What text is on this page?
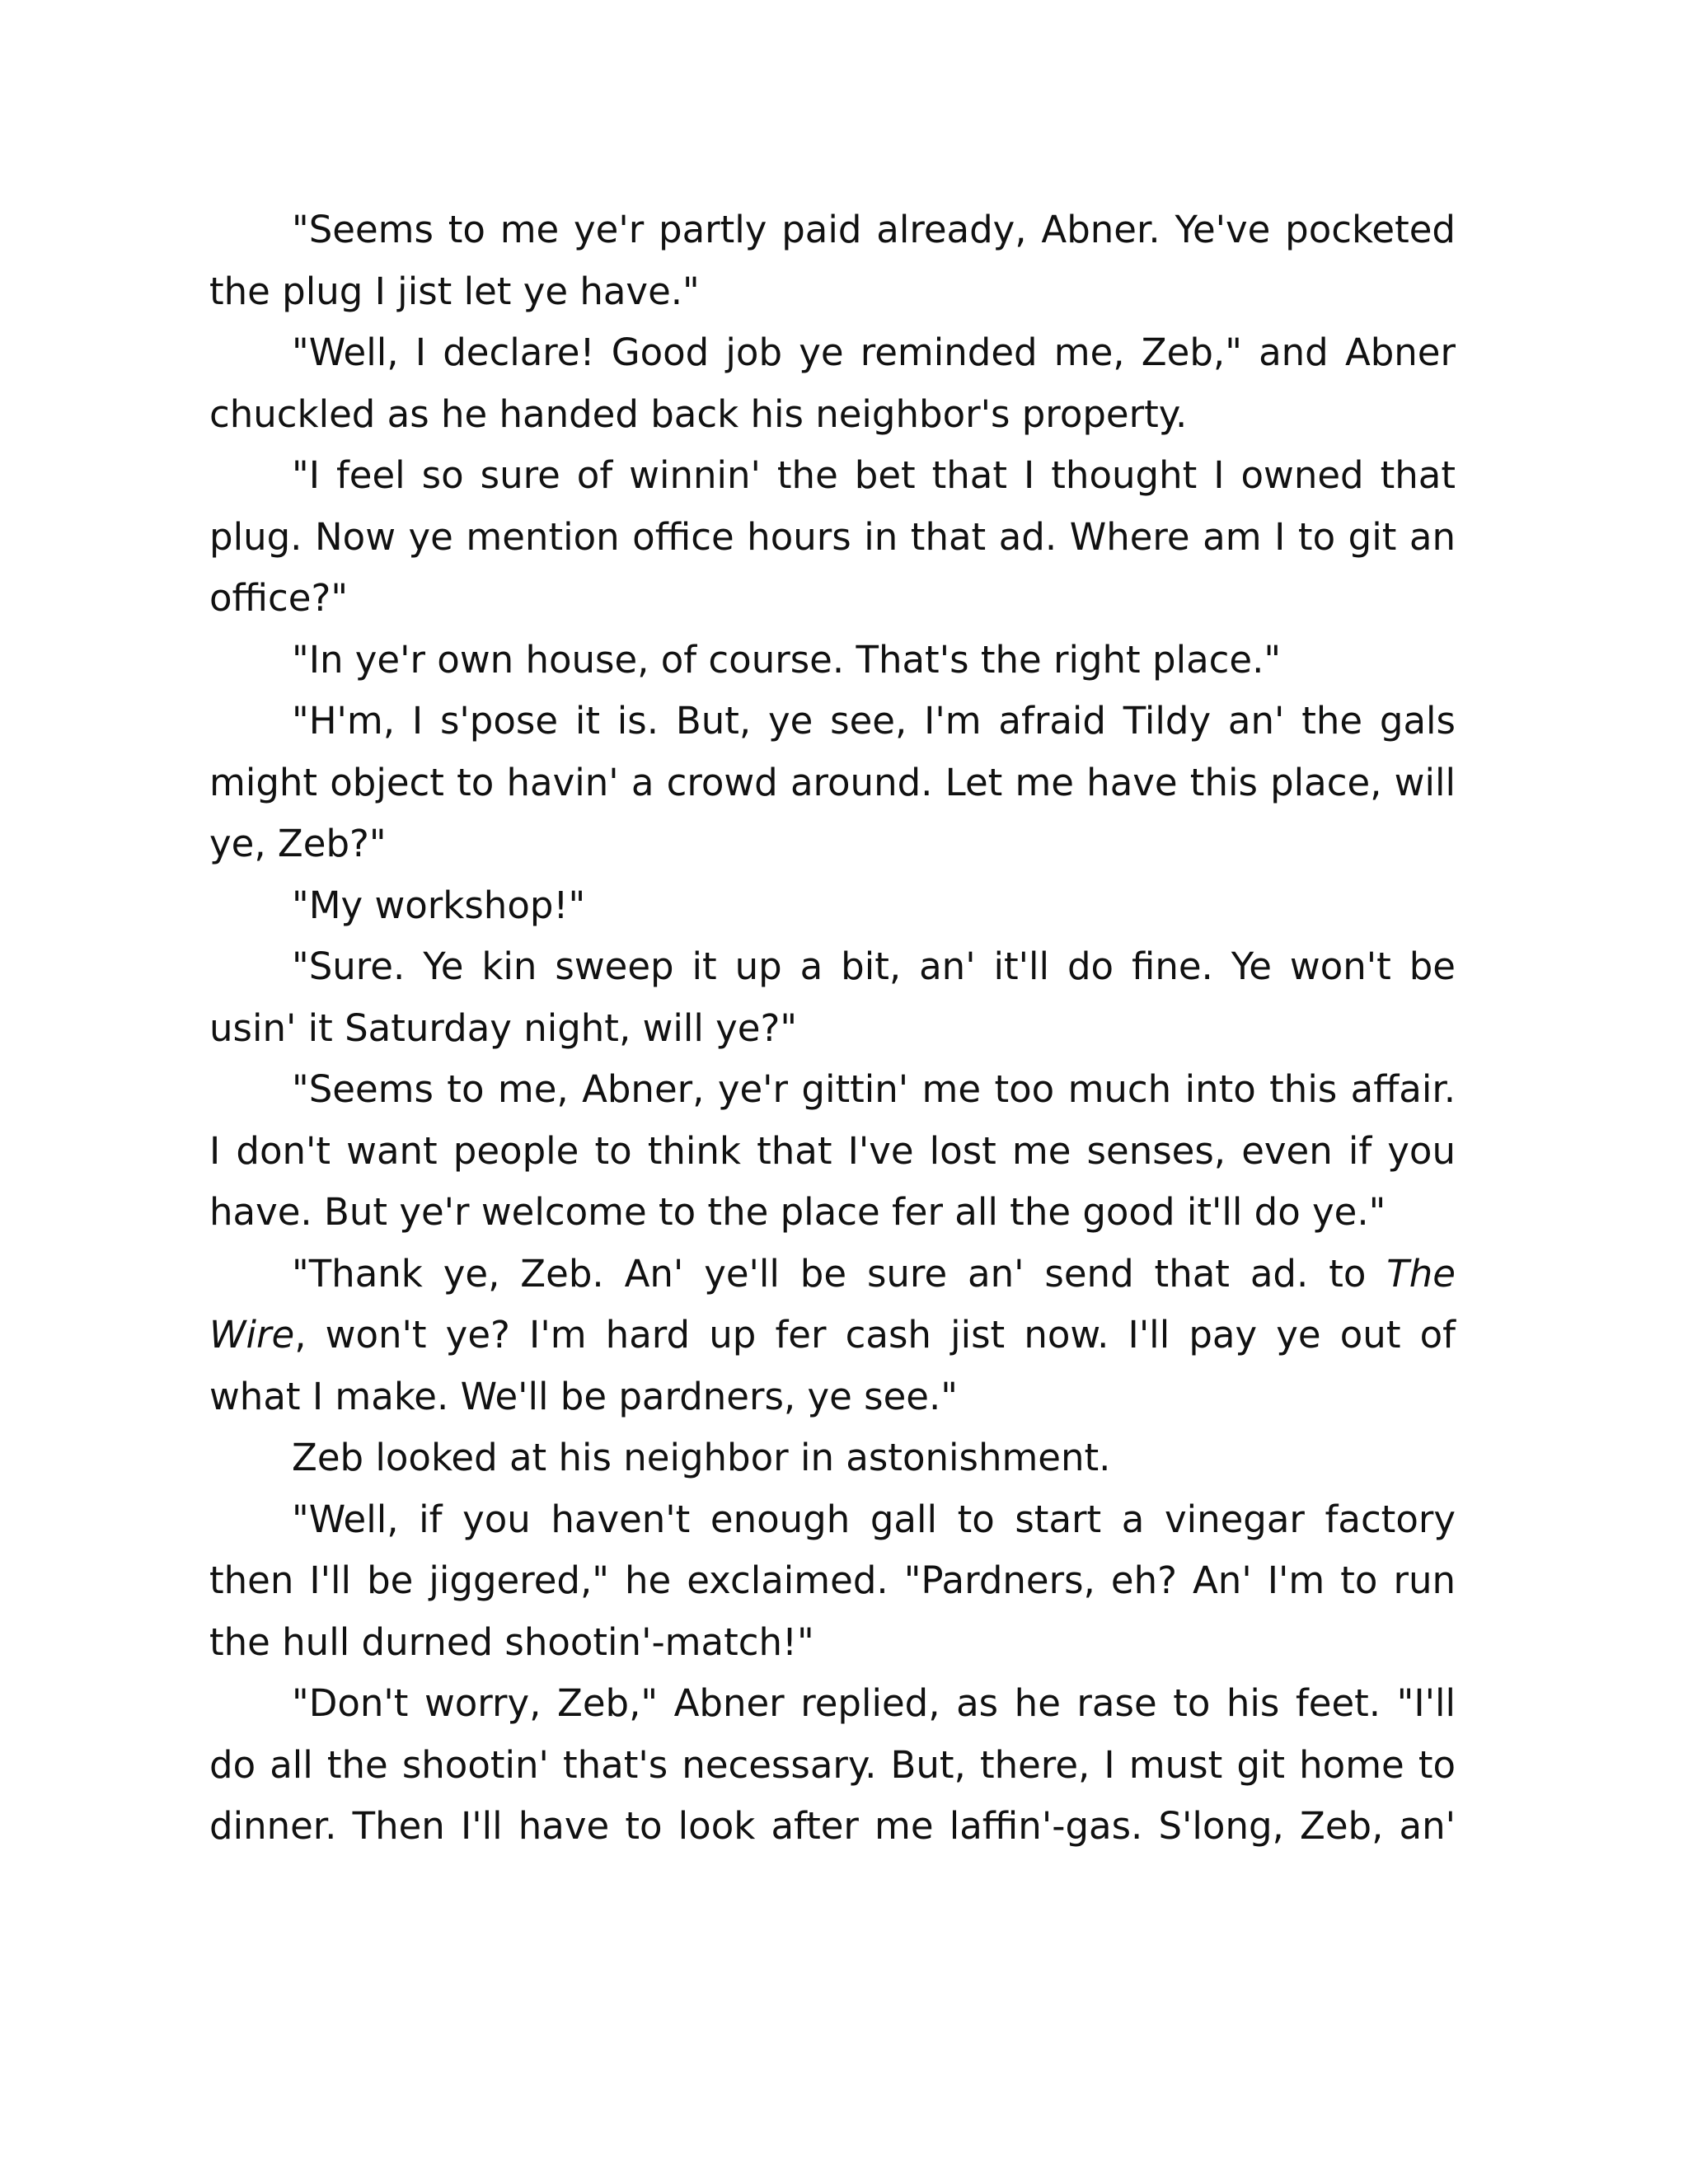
"Seems to me ye'r partly paid already, Abner. Ye've pocketed the plug I jist let ye have."

"Well, I declare! Good job ye reminded me, Zeb," and Abner chuckled as he handed back his neighbor's property.

"I feel so sure of winnin' the bet that I thought I owned that plug. Now ye mention office hours in that ad. Where am I to git an office?"

"In ye'r own house, of course. That's the right place."

"H'm, I s'pose it is. But, ye see, I'm afraid Tildy an' the gals might object to havin' a crowd around. Let me have this place, will ye, Zeb?"

"My workshop!"

"Sure. Ye kin sweep it up a bit, an' it'll do fine. Ye won't be usin' it Saturday night, will ye?"

"Seems to me, Abner, ye'r gittin' me too much into this affair. I don't want people to think that I've lost me senses, even if you have. But ye'r welcome to the place fer all the good it'll do ye."

"Thank ye, Zeb. An' ye'll be sure an' send that ad. to The Wire, won't ye? I'm hard up fer cash jist now. I'll pay ye out of what I make. We'll be pardners, ye see."

Zeb looked at his neighbor in astonishment.

"Well, if you haven't enough gall to start a vinegar factory then I'll be jiggered," he exclaimed. "Pardners, eh? An' I'm to run the hull durned shootin'-match!"

"Don't worry, Zeb," Abner replied, as he rase to his feet. "I'll do all the shootin' that's necessary. But, there, I must git home to dinner. Then I'll have to look after me laffin'-gas. S'long, Zeb, an'
